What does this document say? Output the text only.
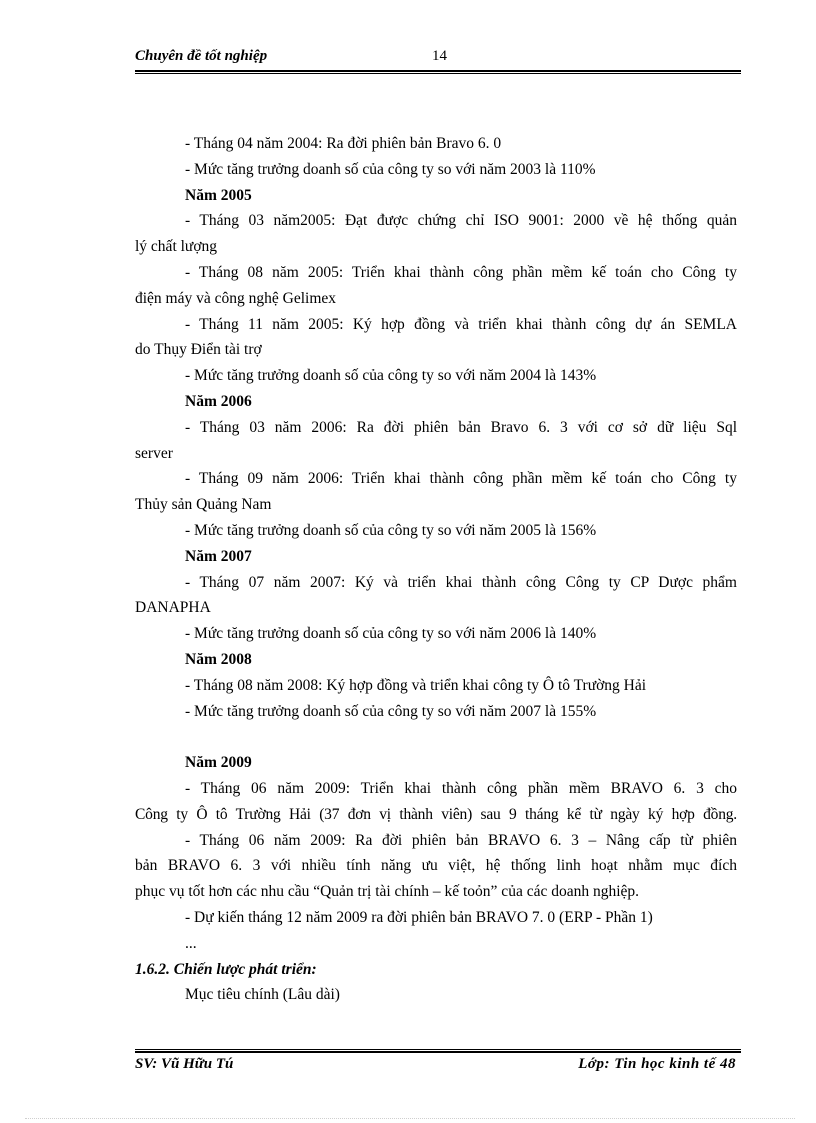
Chuyên đề tốt nghiệp	14
- Tháng 04 năm 2004: Ra đời phiên bản Bravo 6. 0
- Mức tăng trưởng doanh số của công ty so với năm 2003 là 110%
Năm 2005
- Tháng 03 năm2005: Đạt được chứng chỉ ISO 9001: 2000 về hệ thống quản
lý chất lượng
- Tháng 08 năm 2005: Triển khai thành công phần mềm kế toán cho Công ty
điện máy và công nghệ Gelimex
- Tháng 11 năm 2005: Ký hợp đồng và triển khai thành công dự án SEMLA
do Thụy Điển tài trợ
- Mức tăng trưởng doanh số của công ty so với năm 2004 là 143%
Năm 2006
- Tháng 03 năm 2006: Ra đời phiên bản Bravo 6. 3 với cơ sở dữ liệu Sql
server
- Tháng 09 năm 2006: Triển khai thành công phần mềm kế toán cho Công ty
Thủy sản Quảng Nam
- Mức tăng trưởng doanh số của công ty so với năm 2005 là 156%
Năm 2007
- Tháng 07 năm 2007: Ký và triển khai thành công Công ty CP Dược phẩm
DANAPHA
- Mức tăng trưởng doanh số của công ty so với năm 2006 là 140%
Năm 2008
- Tháng 08 năm 2008: Ký hợp đồng và triển khai công ty Ô tô Trường Hải
- Mức tăng trưởng doanh số của công ty so với năm 2007 là 155%
Năm 2009
- Tháng 06 năm 2009: Triển khai thành công phần mềm BRAVO 6. 3 cho
Công ty Ô tô Trường Hải (37 đơn vị thành viên) sau 9 tháng kể từ ngày ký hợp đồng.
- Tháng 06 năm 2009: Ra đời phiên bản BRAVO 6. 3 – Nâng cấp từ phiên
bản BRAVO 6. 3 với nhiều tính năng ưu việt, hệ thống linh hoạt nhằm mục đích
phục vụ tốt hơn các nhu cầu “Quản trị tài chính – kế toỏn” của các doanh nghiệp.
- Dự kiến tháng 12 năm 2009 ra đời phiên bản BRAVO 7. 0 (ERP - Phần 1)
...
1.6.2. Chiến lược phát triển:
Mục tiêu chính (Lâu dài)
SV: Vũ Hữu Tú	Lớp: Tin học kinh tế 48
